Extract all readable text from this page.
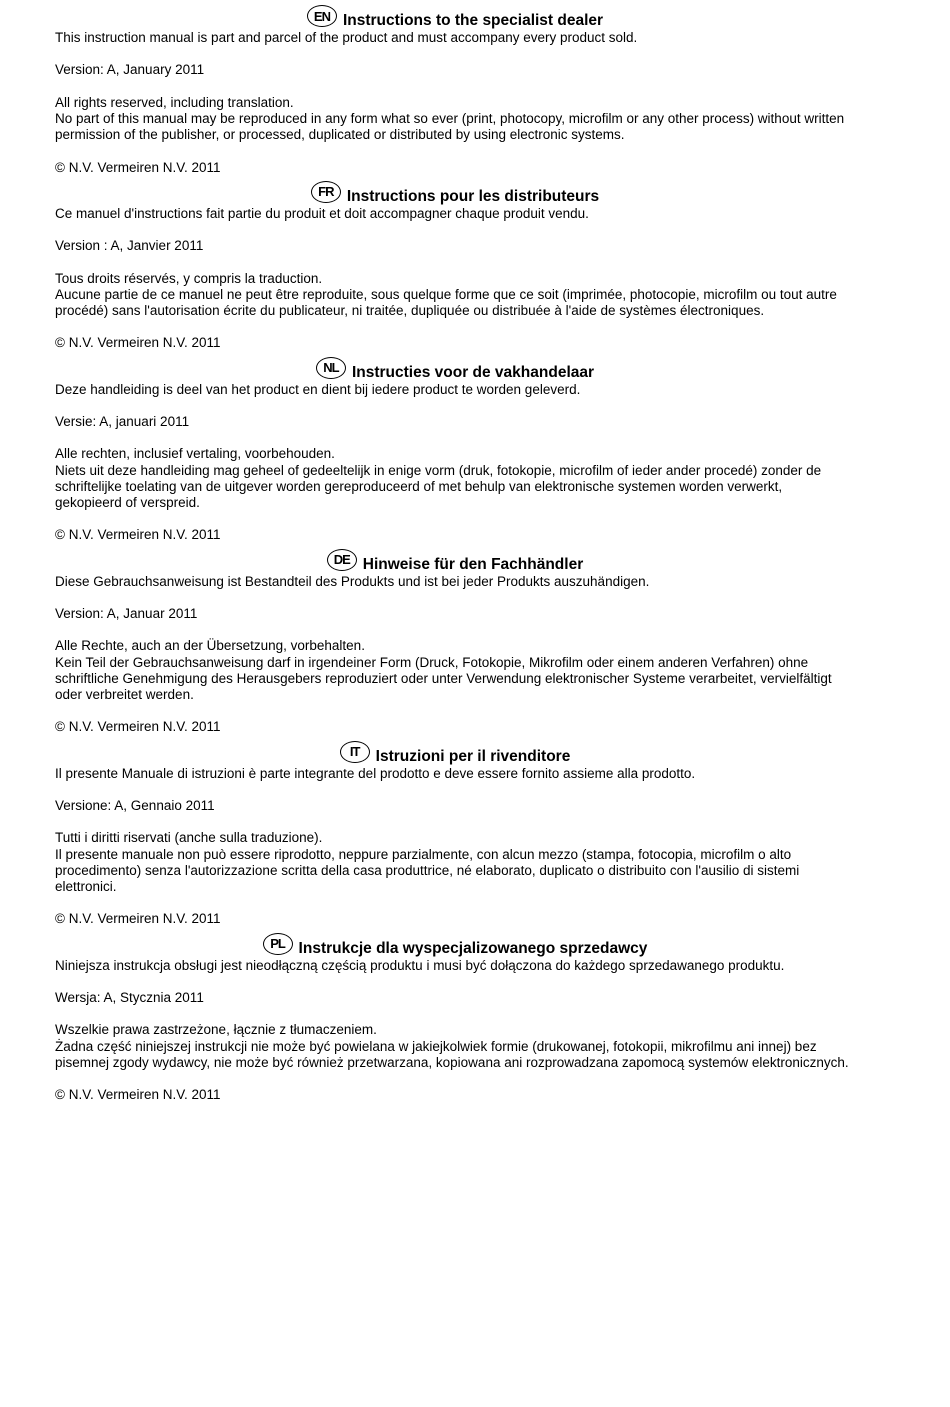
EN Instructions to the specialist dealer

This instruction manual is part and parcel of the product and must accompany every product sold.

Version: A, January 2011

All rights reserved, including translation.

No part of this manual may be reproduced in any form what so ever (print, photocopy, microfilm or any other process) without written permission of the publisher, or processed, duplicated or distributed by using electronic systems.

© N.V. Vermeiren N.V. 2011

FR Instructions pour les distributeurs

Ce manuel d'instructions fait partie du produit et doit accompagner chaque produit vendu.

Version : A, Janvier 2011

Tous droits réservés, y compris la traduction.

Aucune partie de ce manuel ne peut être reproduite, sous quelque forme que ce soit (imprimée, photocopie, microfilm ou tout autre procédé) sans l'autorisation écrite du publicateur, ni traitée, dupliquée ou distribuée à l'aide de systèmes électroniques.

© N.V. Vermeiren N.V. 2011

NL Instructies voor de vakhandelaar

Deze handleiding is deel van het product en dient bij iedere product te worden geleverd.

Versie: A, januari 2011

Alle rechten, inclusief vertaling, voorbehouden.

Niets uit deze handleiding mag geheel of gedeeltelijk in enige vorm (druk, fotokopie, microfilm of ieder ander procedé) zonder de schriftelijke toelating van de uitgever worden gereproduceerd of met behulp van elektronische systemen worden verwerkt, gekopieerd of verspreid.

© N.V. Vermeiren N.V. 2011

DE Hinweise für den Fachhändler

Diese Gebrauchsanweisung ist Bestandteil des Produkts und ist bei jeder Produkts auszuhändigen.

Version: A, Januar 2011

Alle Rechte, auch an der Übersetzung, vorbehalten.

Kein Teil der Gebrauchsanweisung darf in irgendeiner Form (Druck, Fotokopie, Mikrofilm oder einem anderen Verfahren) ohne schriftliche Genehmigung des Herausgebers reproduziert oder unter Verwendung elektronischer Systeme verarbeitet, vervielfältigt oder verbreitet werden.

© N.V. Vermeiren N.V. 2011

IT	Istruzioni per il rivenditore

Il presente Manuale di istruzioni è parte integrante del prodotto e deve essere fornito assieme alla prodotto.

Versione: A, Gennaio 2011

Tutti i diritti riservati (anche sulla traduzione).

Il presente manuale non può essere riprodotto, neppure parzialmente, con alcun mezzo (stampa, fotocopia, microfilm o alto procedimento) senza l'autorizzazione scritta della casa produttrice, né elaborato, duplicato o distribuito con l'ausilio di sistemi elettronici.

© N.V. Vermeiren N.V. 2011

PL Instrukcje dla wyspecjalizowanego sprzedawcy

Niniejsza instrukcja obsługi jest nieodłączną częścią produktu i musi być dołączona do każdego sprzedawanego produktu.

Wersja: A, Stycznia 2011

Wszelkie prawa zastrzeżone, łącznie z tłumaczeniem.

Żadna część niniejszej instrukcji nie może być powielana w jakiejkolwiek formie (drukowanej, fotokopii, mikrofilmu ani innej) bez pisemnej zgody wydawcy, nie może być również przetwarzana, kopiowana ani rozprowadzana zapomocą systemów elektronicznych.

© N.V. Vermeiren N.V. 2011
